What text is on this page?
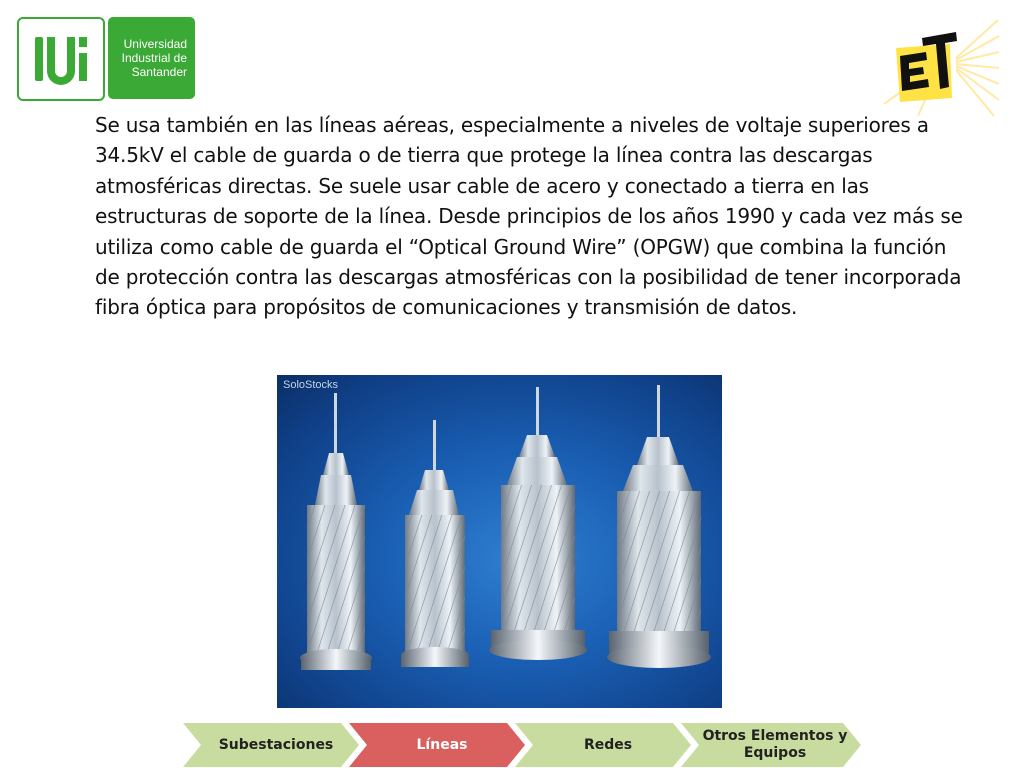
Universidad
Industrial de
Santander

Se usa también en las líneas aéreas, especialmente a niveles de voltaje superiores a 34.5kV el cable de guarda o de tierra que protege la línea contra las descargas atmosféricas directas. Se suele usar cable de acero y conectado a tierra en las estructuras de soporte de la línea. Desde principios de los años 1990 y cada vez más se utiliza como cable de guarda el “Optical Ground Wire” (OPGW) que combina la función de protección contra las descargas atmosféricas con la posibilidad de tener incorporada fibra óptica para propósitos de comunicaciones y transmisión de datos.

SoloStocks
Subestaciones	Líneas	Redes
Otros Elementos y Equipos
